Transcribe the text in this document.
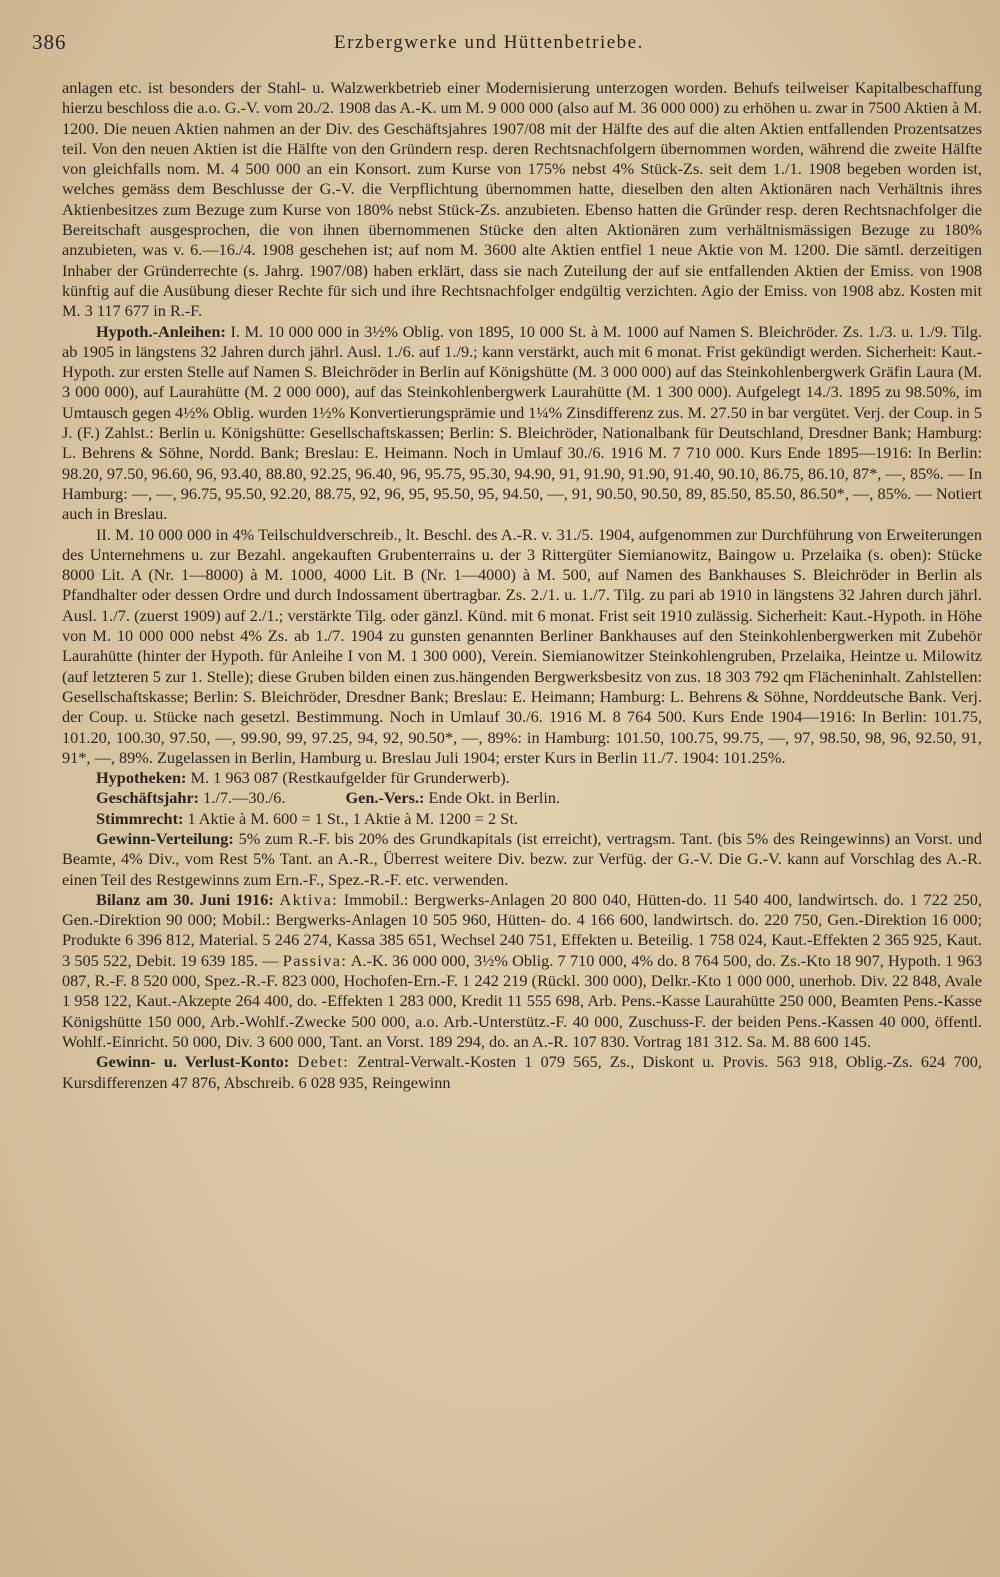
386	Erzbergwerke und Hüttenbetriebe.

anlagen etc. ist besonders der Stahl- u. Walzwerkbetrieb einer Modernisierung unterzogen worden. Behufs teilweiser Kapitalbeschaffung hierzu beschloss die a.o. G.-V. vom 20./2. 1908 das A.-K. um M. 9 000 000 (also auf M. 36 000 000) zu erhöhen u. zwar in 7500 Aktien à M. 1200. Die neuen Aktien nahmen an der Div. des Geschäftsjahres 1907/08 mit der Hälfte des auf die alten Aktien entfallenden Prozentsatzes teil. Von den neuen Aktien ist die Hälfte von den Gründern resp. deren Rechtsnachfolgern übernommen worden, während die zweite Hälfte von gleichfalls nom. M. 4 500 000 an ein Konsort. zum Kurse von 175% nebst 4% Stück-Zs. seit dem 1./1. 1908 begeben worden ist, welches gemäss dem Beschlusse der G.-V. die Verpflichtung übernommen hatte, dieselben den alten Aktionären nach Verhältnis ihres Aktienbesitzes zum Bezuge zum Kurse von 180% nebst Stück-Zs. anzubieten. Ebenso hatten die Gründer resp. deren Rechtsnachfolger die Bereitschaft ausgesprochen, die von ihnen übernommenen Stücke den alten Aktionären zum verhältnismässigen Bezuge zu 180% anzubieten, was v. 6.—16./4. 1908 geschehen ist; auf nom M. 3600 alte Aktien entfiel 1 neue Aktie von M. 1200. Die sämtl. derzeitigen Inhaber der Gründerrechte (s. Jahrg. 1907/08) haben erklärt, dass sie nach Zuteilung der auf sie entfallenden Aktien der Emiss. von 1908 künftig auf die Ausübung dieser Rechte für sich und ihre Rechtsnachfolger endgültig verzichten. Agio der Emiss. von 1908 abz. Kosten mit M. 3 117 677 in R.-F.

Hypoth.-Anleihen: I. M. 10 000 000 in 3½% Oblig. von 1895, 10 000 St. à M. 1000 auf Namen S. Bleichröder. Zs. 1./3. u. 1./9. Tilg. ab 1905 in längstens 32 Jahren durch jährl. Ausl. 1./6. auf 1./9.; kann verstärkt, auch mit 6 monat. Frist gekündigt werden. Sicherheit: Kaut.-Hypoth. zur ersten Stelle auf Namen S. Bleichröder in Berlin auf Königshütte (M. 3 000 000) auf das Steinkohlenbergwerk Gräfin Laura (M. 3 000 000), auf Laurahütte (M. 2 000 000), auf das Steinkohlenbergwerk Laurahütte (M. 1 300 000). Aufgelegt 14./3. 1895 zu 98.50%, im Umtausch gegen 4½% Oblig. wurden 1½% Konvertierungsprämie und 1¼% Zinsdifferenz zus. M. 27.50 in bar vergütet. Verj. der Coup. in 5 J. (F.) Zahlst.: Berlin u. Königshütte: Gesellschaftskassen; Berlin: S. Bleichröder, Nationalbank für Deutschland, Dresdner Bank; Hamburg: L. Behrens & Söhne, Nordd. Bank; Breslau: E. Heimann. Noch in Umlauf 30./6. 1916 M. 7 710 000. Kurs Ende 1895—1916: In Berlin: 98.20, 97.50, 96.60, 96, 93.40, 88.80, 92.25, 96.40, 96, 95.75, 95.30, 94.90, 91, 91.90, 91.90, 91.40, 90.10, 86.75, 86.10, 87*, —, 85%. — In Hamburg: —, —, 96.75, 95.50, 92.20, 88.75, 92, 96, 95, 95.50, 95, 94.50, —, 91, 90.50, 90.50, 89, 85.50, 85.50, 86.50*, —, 85%. — Notiert auch in Breslau.

II. M. 10 000 000 in 4% Teilschuldverschreib., lt. Beschl. des A.-R. v. 31./5. 1904, aufgenommen zur Durchführung von Erweiterungen des Unternehmens u. zur Bezahl. angekauften Grubenterrains u. der 3 Rittergüter Siemianowitz, Baingow u. Przelaika (s. oben): Stücke 8000 Lit. A (Nr. 1—8000) à M. 1000, 4000 Lit. B (Nr. 1—4000) à M. 500, auf Namen des Bankhauses S. Bleichröder in Berlin als Pfandhalter oder dessen Ordre und durch Indossament übertragbar. Zs. 2./1. u. 1./7. Tilg. zu pari ab 1910 in längstens 32 Jahren durch jährl. Ausl. 1./7. (zuerst 1909) auf 2./1.; verstärkte Tilg. oder gänzl. Künd. mit 6 monat. Frist seit 1910 zulässig. Sicherheit: Kaut.-Hypoth. in Höhe von M. 10 000 000 nebst 4% Zs. ab 1./7. 1904 zu gunsten genannten Berliner Bankhauses auf den Steinkohlenbergwerken mit Zubehör Laurahütte (hinter der Hypoth. für Anleihe I von M. 1 300 000), Verein. Siemianowitzer Steinkohlengruben, Przelaika, Heintze u. Milowitz (auf letzteren 5 zur 1. Stelle); diese Gruben bilden einen zus.hängenden Bergwerksbesitz von zus. 18 303 792 qm Flächeninhalt. Zahlstellen: Gesellschaftskasse; Berlin: S. Bleichröder, Dresdner Bank; Breslau: E. Heimann; Hamburg: L. Behrens & Söhne, Norddeutsche Bank. Verj. der Coup. u. Stücke nach gesetzl. Bestimmung. Noch in Umlauf 30./6. 1916 M. 8 764 500. Kurs Ende 1904—1916: In Berlin: 101.75, 101.20, 100.30, 97.50, —, 99.90, 99, 97.25, 94, 92, 90.50*, —, 89%: in Hamburg: 101.50, 100.75, 99.75, —, 97, 98.50, 98, 96, 92.50, 91, 91*, —, 89%. Zugelassen in Berlin, Hamburg u. Breslau Juli 1904; erster Kurs in Berlin 11./7. 1904: 101.25%.

Hypotheken: M. 1 963 087 (Restkaufgelder für Grunderwerb).

Geschäftsjahr: 1./7.—30./6.	Gen.-Vers.: Ende Okt. in Berlin.

Stimmrecht: 1 Aktie à M. 600 = 1 St., 1 Aktie à M. 1200 = 2 St.

Gewinn-Verteilung: 5% zum R.-F. bis 20% des Grundkapitals (ist erreicht), vertragsm. Tant. (bis 5% des Reingewinns) an Vorst. und Beamte, 4% Div., vom Rest 5% Tant. an A.-R., Überrest weitere Div. bezw. zur Verfüg. der G.-V. Die G.-V. kann auf Vorschlag des A.-R. einen Teil des Restgewinns zum Ern.-F., Spez.-R.-F. etc. verwenden.

Bilanz am 30. Juni 1916: Aktiva: Immobil.: Bergwerks-Anlagen 20 800 040, Hütten-do. 11 540 400, landwirtsch. do. 1 722 250, Gen.-Direktion 90 000; Mobil.: Bergwerks-Anlagen 10 505 960, Hütten- do. 4 166 600, landwirtsch. do. 220 750, Gen.-Direktion 16 000; Produkte 6 396 812, Material. 5 246 274, Kassa 385 651, Wechsel 240 751, Effekten u. Beteilig. 1 758 024, Kaut.-Effekten 2 365 925, Kaut. 3 505 522, Debit. 19 639 185. — Passiva: A.-K. 36 000 000, 3½% Oblig. 7 710 000, 4% do. 8 764 500, do. Zs.-Kto 18 907, Hypoth. 1 963 087, R.-F. 8 520 000, Spez.-R.-F. 823 000, Hochofen-Ern.-F. 1 242 219 (Rückl. 300 000), Delkr.-Kto 1 000 000, unerhob. Div. 22 848, Avale 1 958 122, Kaut.-Akzepte 264 400, do. -Effekten 1 283 000, Kredit 11 555 698, Arb. Pens.-Kasse Laurahütte 250 000, Beamten Pens.-Kasse Königshütte 150 000, Arb.-Wohlf.-Zwecke 500 000, a.o. Arb.-Unterstütz.-F. 40 000, Zuschuss-F. der beiden Pens.-Kassen 40 000, öffentl. Wohlf.-Einricht. 50 000, Div. 3 600 000, Tant. an Vorst. 189 294, do. an A.-R. 107 830. Vortrag 181 312. Sa. M. 88 600 145.

Gewinn- u. Verlust-Konto: Debet: Zentral-Verwalt.-Kosten 1 079 565, Zs., Diskont u. Provis. 563 918, Oblig.-Zs. 624 700, Kursdifferenzen 47 876, Abschreib. 6 028 935, Reingewinn
